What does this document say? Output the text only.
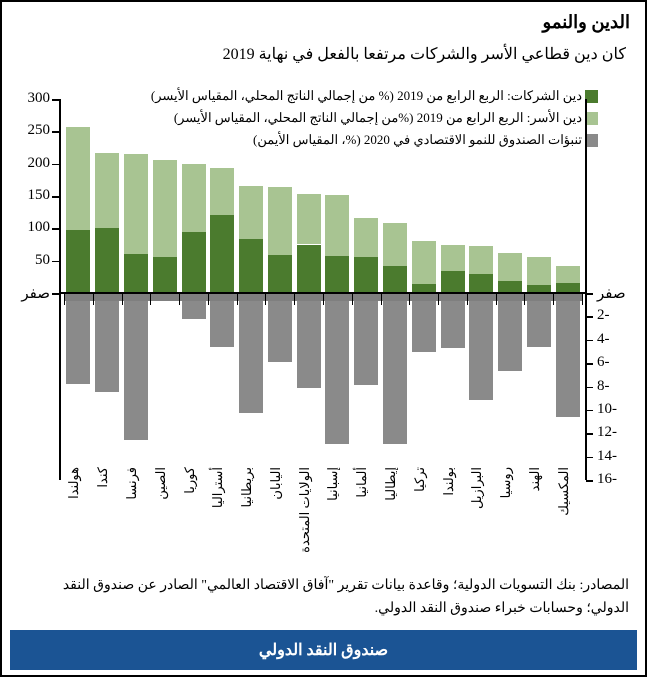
الدين والنمو
كان دين قطاعي الأسر والشركات مرتفعا بالفعل في نهاية 2019
دين الشركات: الربع الرابع من 2019 (% من إجمالي الناتج المحلي، المقياس الأيسر)
دين الأسر: الربع الرابع من 2019 (%من إجمالي الناتج المحلي، المقياس الأيسر)
تنبؤات الصندوق للنمو الاقتصادي في 2020 (%، المقياس الأيمن)
300
250
200
150
100
50
صفر	صفر
2-
4-
6-
8-
10-
12-
14-
16-
هولندا كندا فرنسا الصين كوريا أستراليا بريطانيا اليابان الولايات المتحدة إسبانيا ألمانيا إيطاليا تركيا بولندا البرازيل روسيا الهند المكسيك
المصادر: بنك التسويات الدولية؛ وقاعدة بيانات تقرير "آفاق الاقتصاد العالمي" الصادر عن صندوق النقد الدولي؛ وحسابات خبراء صندوق النقد الدولي.
صندوق النقد الدولي
